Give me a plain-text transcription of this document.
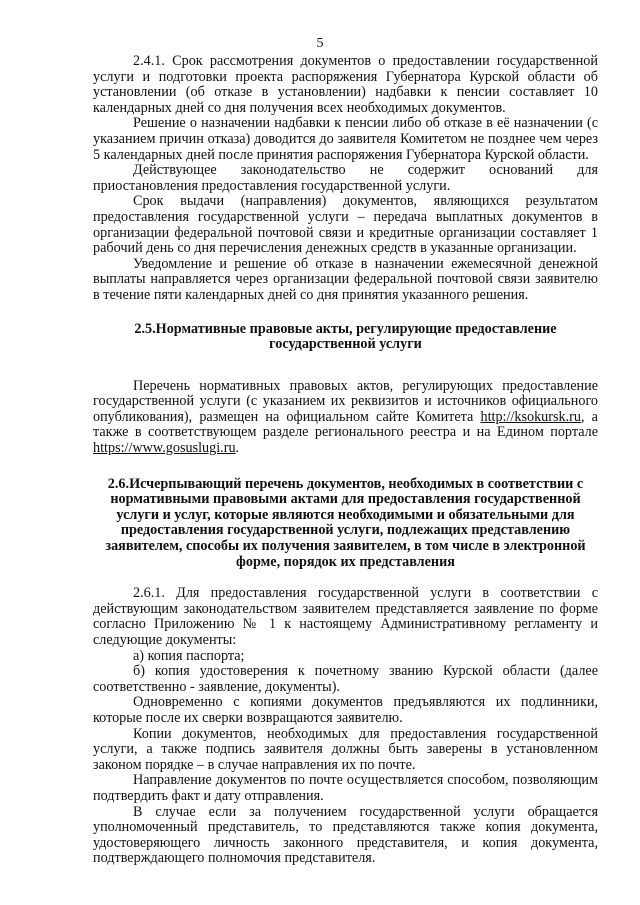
5

2.4.1. Срок рассмотрения документов о предоставлении государственной услуги и подготовки проекта распоряжения Губернатора Курской области об установлении (об отказе в установлении) надбавки к пенсии составляет 10 календарных дней со дня получения всех необходимых документов.

Решение о назначении надбавки к пенсии либо об отказе в её назначении (с указанием причин отказа) доводится до заявителя Комитетом не позднее чем через 5 календарных дней после принятия распоряжения Губернатора Курской области.

Действующее законодательство не содержит оснований для приостановления предоставления государственной услуги.

Срок выдачи (направления) документов, являющихся результатом предоставления государственной услуги – передача выплатных документов в организации федеральной почтовой связи и кредитные организации составляет 1 рабочий день со дня перечисления денежных средств в указанные организации.

Уведомление и решение об отказе в назначении ежемесячной денежной выплаты направляется через организации федеральной почтовой связи заявителю в течение пяти календарных дней со дня принятия указанного решения.

2.5.Нормативные правовые акты, регулирующие предоставление государственной услуги

Перечень нормативных правовых актов, регулирующих предоставление государственной услуги (с указанием их реквизитов и источников официального опубликования), размещен на официальном сайте Комитета http://ksokursk.ru, а также в соответствующем разделе регионального реестра и на Едином портале https://www.gosuslugi.ru.

2.6.Исчерпывающий перечень документов, необходимых в соответствии с нормативными правовыми актами для предоставления государственной услуги и услуг, которые являются необходимыми и обязательными для предоставления государственной услуги, подлежащих представлению заявителем, способы их получения заявителем, в том числе в электронной форме, порядок их представления

2.6.1. Для предоставления государственной услуги в соответствии с действующим законодательством заявителем представляется заявление по форме согласно Приложению № 1 к настоящему Административному регламенту и следующие документы:

а) копия паспорта;

б) копия удостоверения к почетному званию Курской области (далее соответственно - заявление, документы).

Одновременно с копиями документов предъявляются их подлинники, которые после их сверки возвращаются заявителю.

Копии документов, необходимых для предоставления государственной услуги, а также подпись заявителя должны быть заверены в установленном законом порядке – в случае направления их по почте.

Направление документов по почте осуществляется способом, позволяющим подтвердить факт и дату отправления.

В случае если за получением государственной услуги обращается уполномоченный представитель, то представляются также копия документа, удостоверяющего личность законного представителя, и копия документа, подтверждающего полномочия представителя.
